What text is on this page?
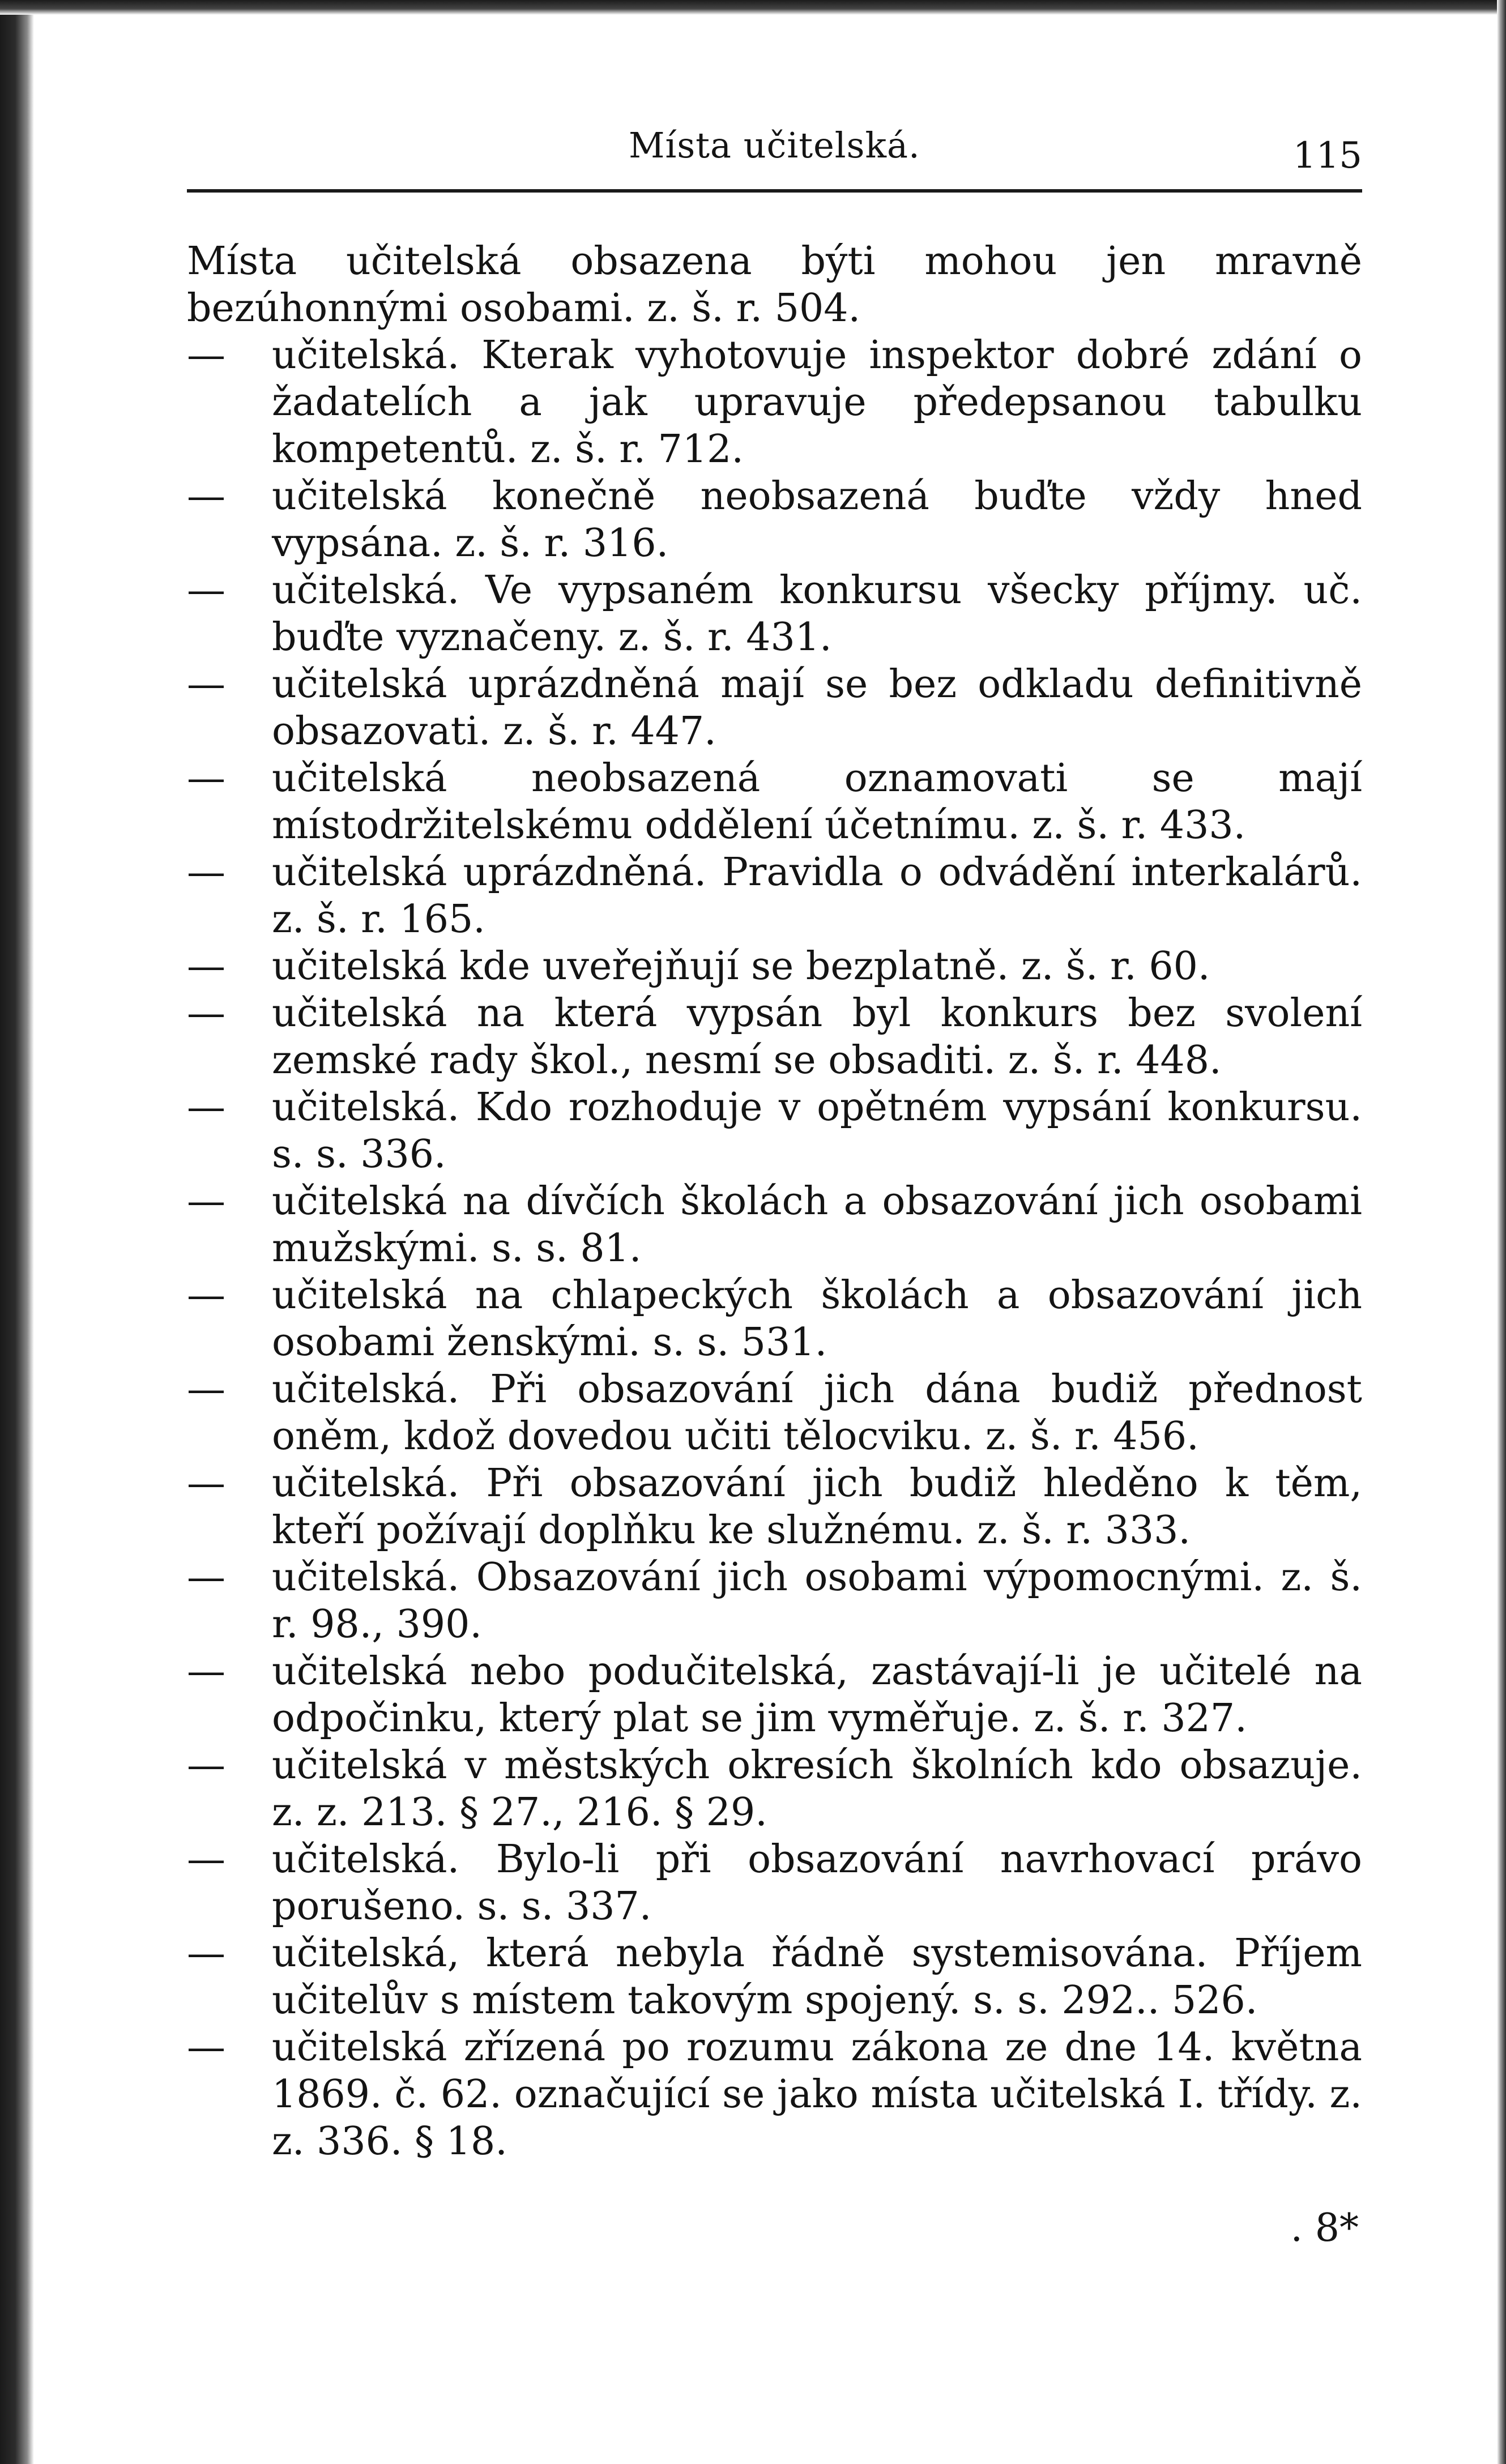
Místa učitelská.	115

Místa učitelská obsazena býti mohou jen mravně bezúhonnými osobami. z. š. r. 504.

— učitelská. Kterak vyhotovuje inspektor dobré zdání o žadatelích a jak upravuje předepsanou tabulku kompetentů. z. š. r. 712.

— učitelská konečně neobsazená buďte vždy hned vypsána. z. š. r. 316.

— učitelská. Ve vypsaném konkursu všecky příjmy. uč. buďte vyznačeny. z. š. r. 431.

— učitelská uprázdněná mají se bez odkladu definitivně obsazovati. z. š. r. 447.

— učitelská neobsazená oznamovati se mají místodržitelskému oddělení účetnímu. z. š. r. 433.

— učitelská uprázdněná. Pravidla o odvádění interkalárů. z. š. r. 165.

— učitelská kde uveřejňují se bezplatně. z. š. r. 60.

— učitelská na která vypsán byl konkurs bez svolení zemské rady škol., nesmí se obsaditi. z. š. r. 448.

— učitelská. Kdo rozhoduje v opětném vypsání konkursu. s. s. 336.

— učitelská na dívčích školách a obsazování jich osobami mužskými. s. s. 81.

— učitelská na chlapeckých školách a obsazování jich osobami ženskými. s. s. 531.

— učitelská. Při obsazování jich dána budiž přednost oněm, kdož dovedou učiti tělocviku. z. š. r. 456.

— učitelská. Při obsazování jich budiž hleděno k těm, kteří požívají doplňku ke služnému. z. š. r. 333.

— učitelská. Obsazování jich osobami výpomocnými. z. š. r. 98., 390.

— učitelská nebo podučitelská, zastávají-li je učitelé na odpočinku, který plat se jim vyměřuje. z. š. r. 327.

— učitelská v městských okresích školních kdo obsazuje. z. z. 213. § 27., 216. § 29.

— učitelská. Bylo-li při obsazování navrhovací právo porušeno. s. s. 337.

— učitelská, která nebyla řádně systemisována. Příjem učitelův s místem takovým spojený. s. s. 292.. 526.

— učitelská zřízená po rozumu zákona ze dne 14. května 1869. č. 62. označující se jako místa učitelská I. třídy. z. z. 336. § 18.

. 8*
